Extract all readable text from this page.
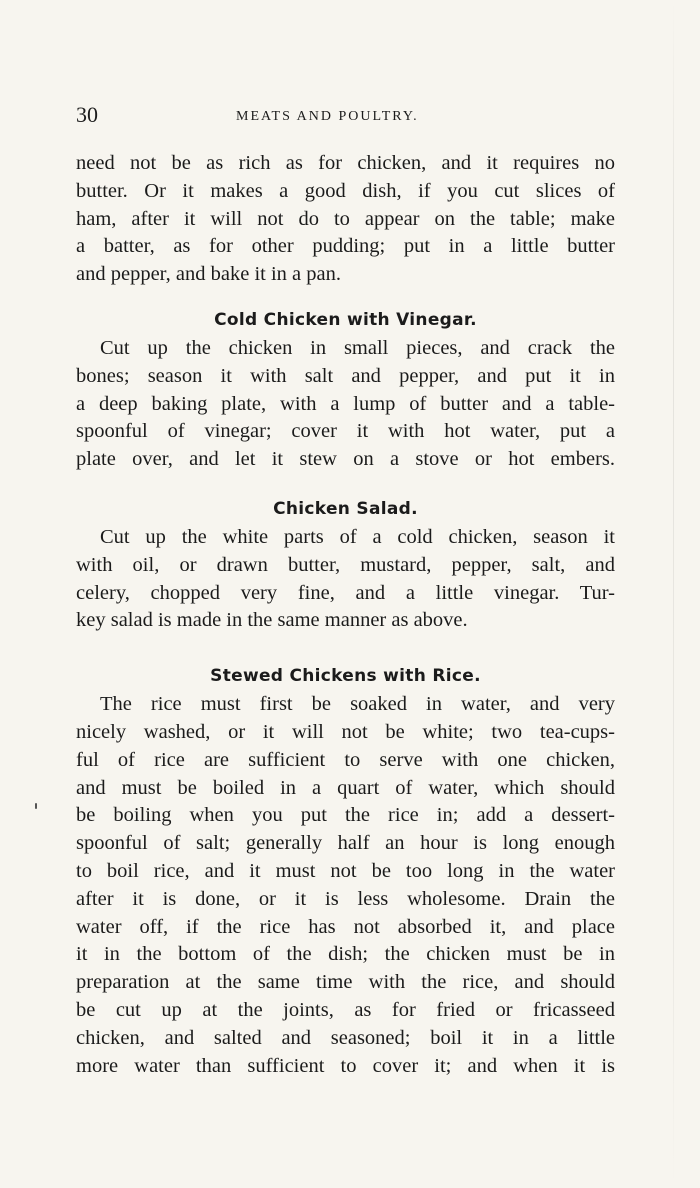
30	MEATS AND POULTRY.
need not be as rich as for chicken, and it requires no
butter. Or it makes a good dish, if you cut slices of
ham, after it will not do to appear on the table; make
a batter, as for other pudding; put in a little butter
and pepper, and bake it in a pan.
Cold Chicken with Vinegar.
Cut up the chicken in small pieces, and crack the
bones; season it with salt and pepper, and put it in
a deep baking plate, with a lump of butter and a table-
spoonful of vinegar; cover it with hot water, put a
plate over, and let it stew on a stove or hot embers.
Chicken Salad.
Cut up the white parts of a cold chicken, season it
with oil, or drawn butter, mustard, pepper, salt, and
celery, chopped very fine, and a little vinegar. Tur-
key salad is made in the same manner as above.
Stewed Chickens with Rice.
The rice must first be soaked in water, and very
nicely washed, or it will not be white; two tea-cups-
ful of rice are sufficient to serve with one chicken,
and must be boiled in a quart of water, which should
be boiling when you put the rice in; add a dessert-
spoonful of salt; generally half an hour is long enough
to boil rice, and it must not be too long in the water
after it is done, or it is less wholesome. Drain the
water off, if the rice has not absorbed it, and place
it in the bottom of the dish; the chicken must be in
preparation at the same time with the rice, and should
be cut up at the joints, as for fried or fricasseed
chicken, and salted and seasoned; boil it in a little
more water than sufficient to cover it; and when it is
